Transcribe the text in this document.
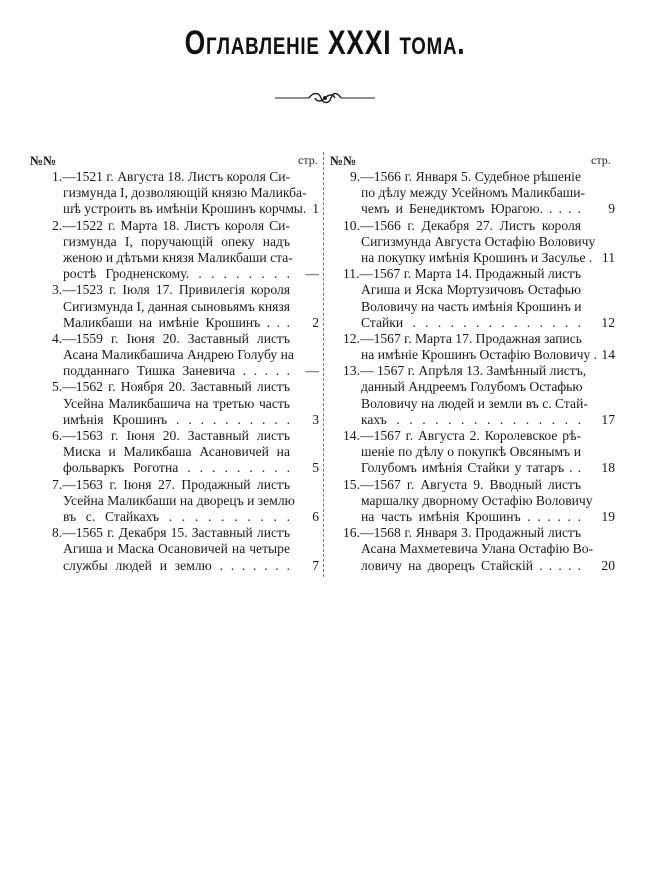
Оглавленіе XXXI тома.
№№	стр. №№	стр.
1.—1521 г. Августа 18. Листъ короля Си-
гизмунда I, дозволяющій князю Маликба-
шѣ устроить въ имѣніи Крошинъ корчмы. 1
2.—1522 г. Марта 18. Листъ короля Си-
гизмунда I, поручающій опеку надъ
женою и дѣтьми князя Маликбаши ста-
ростѣ Гродненскому. . . . . . . . .	—
3.—1523 г. Іюля 17. Привилегія короля
Сигизмунда I, данная сыновьямъ князя
Маликбаши на имѣніе Крошинъ . . .	2
4.—1559 г. Іюня 20. Заставный листъ
Асана Маликбашича Андрею Голубу на
подданнаго Тишка Заневича . . . . .	—
5.—1562 г. Ноября 20. Заставный листъ
Усейна Маликбашича на третью часть
имѣнія Крошинъ . . . . . . . . . .	3
6.—1563 г. Іюня 20. Заставный листъ
Миска и Маликбаша Асановичей на
фольваркъ Роготна . . . . . . . . .	5
7.—1563 г. Іюня 27. Продажный листъ
Усейна Маликбаши на дворецъ и землю
въ с. Стайкахъ . . . . . . . . . .	6
8.—1565 г. Декабря 15. Заставный листъ
Агиша и Маска Осановичей на четыре
службы людей и землю . . . . . . .	7
9.—1566 г. Января 5. Судебное рѣшеніе
по дѣлу между Усейномъ Маликбаши-
чемъ и Бенедиктомъ Юрагою. . . . .	9
10.—1566 г. Декабря 27. Листъ короля
Сигизмунда Августа Остафію Воловичу
на покупку имѣнія Крошинъ и Засулье . 11
11.—1567 г. Марта 14. Продажный листъ
Агиша и Яска Мортузичовъ Остафью
Воловичу на часть имѣнія Крошинъ и
Стайки . . . . . . . . . . . . . .	12
12.—1567 г. Марта 17. Продажная запись
на имѣніе Крошинъ Остафію Воловичу . 14
13.— 1567 г. Апрѣля 13. Замѣнный листъ,
данный Андреемъ Голубомъ Остафью
Воловичу на людей и земли въ с. Стай-
кахъ . . . . . . . . . . . . . . .	17
14.—1567 г. Августа 2. Королевское рѣ-
шеніе по дѣлу о покупкѣ Овсянымъ и
Голубомъ имѣнія Стайки у татаръ . .	18
15.—1567 г. Августа 9. Вводный листъ
маршалку дворному Остафію Воловичу
на часть имѣнія Крошинъ . . . . . .	19
16.—1568 г. Января 3. Продажный листъ
Асана Махметевича Улана Остафію Во-
ловичу на дворецъ Стайскій . . . . .	20
